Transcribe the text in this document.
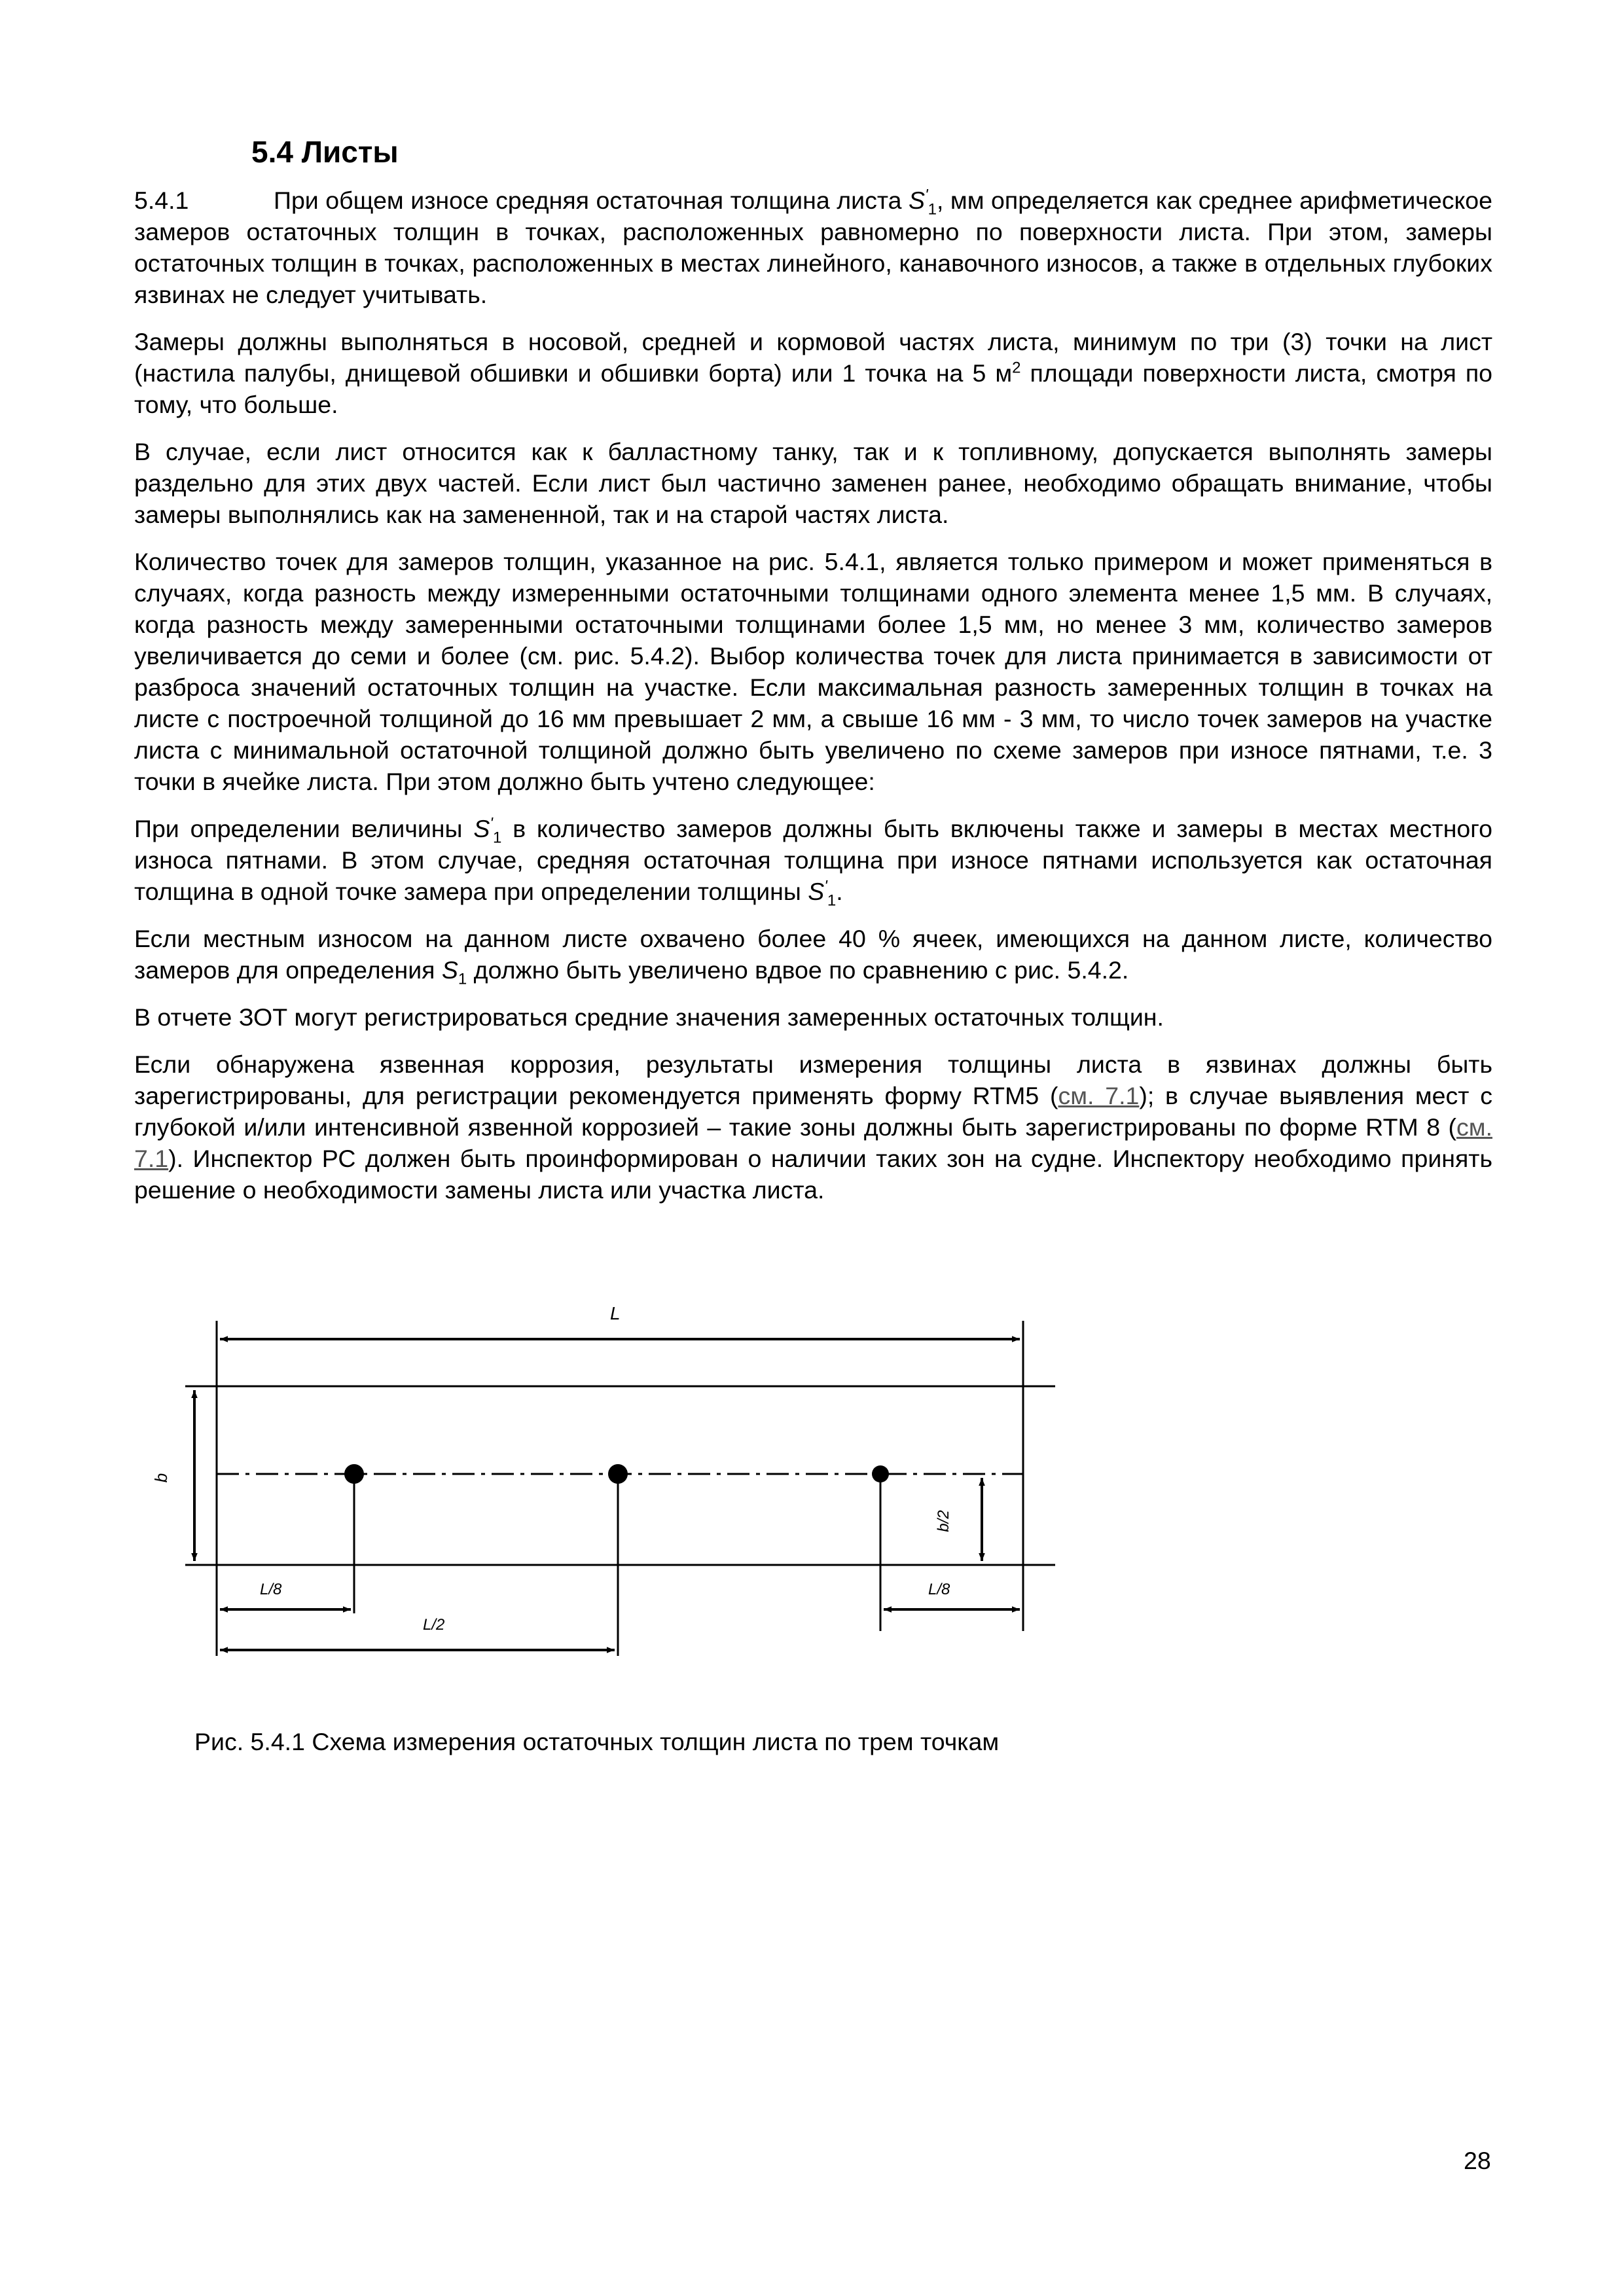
5.4 Листы

5.4.1	При общем износе средняя остаточная толщина листа $S'_1$, мм определяется как среднее арифметическое замеров остаточных толщин в точках, расположенных равномерно по поверхности листа. При этом, замеры остаточных толщин в точках, расположенных в местах линейного, канавочного износов, а также в отдельных глубоких язвинах не следует учитывать.

Замеры должны выполняться в носовой, средней и кормовой частях листа, минимум по три (3) точки на лист (настила палубы, днищевой обшивки и обшивки борта) или 1 точка на 5 $м^2$ площади поверхности листа, смотря по тому, что больше.

В случае, если лист относится как к балластному танку, так и к топливному, допускается выполнять замеры раздельно для этих двух частей. Если лист был частично заменен ранее, необходимо обращать внимание, чтобы замеры выполнялись как на замененной, так и на старой частях листа.

Количество точек для замеров толщин, указанное на рис. 5.4.1, является только примером и может применяться в случаях, когда разность между измеренными остаточными толщинами одного элемента менее 1,5 мм. В случаях, когда разность между замеренными остаточными толщинами более 1,5 мм, но менее 3 мм, количество замеров увеличивается до семи и более (см. рис. 5.4.2). Выбор количества точек для листа принимается в зависимости от разброса значений остаточных толщин на участке. Если максимальная разность замеренных толщин в точках на листе с построечной толщиной до 16 мм превышает 2 мм, а свыше 16 мм - 3 мм, то число точек замеров на участке листа с минимальной остаточной толщиной должно быть увеличено по схеме замеров при износе пятнами, т.е. 3 точки в ячейке листа. При этом должно быть учтено следующее:

При определении величины $S'_1$ в количество замеров должны быть включены также и замеры в местах местного износа пятнами. В этом случае, средняя остаточная толщина при износе пятнами используется как остаточная толщина в одной точке замера при определении толщины $S'_1$.

Если местным износом на данном листе охвачено более 40 % ячеек, имеющихся на данном листе, количество замеров для определения $S_1$ должно быть увеличено вдвое по сравнению с рис. 5.4.2.

В отчете ЗОТ могут регистрироваться средние значения замеренных остаточных толщин.

Если обнаружена язвенная коррозия, результаты измерения толщины листа в язвинах должны быть зарегистрированы, для регистрации рекомендуется применять форму RTM5 (см. 7.1); в случае выявления мест с глубокой и/или интенсивной язвенной коррозией – такие зоны должны быть зарегистрированы по форме RTM 8 (см. 7.1). Инспектор РС должен быть проинформирован о наличии таких зон на судне. Инспектору необходимо принять решение о необходимости замены листа или участка листа.

L
b
b/2
L/8
L/2
L/8

Рис. 5.4.1 Схема измерения остаточных толщин листа по трем точкам

28
